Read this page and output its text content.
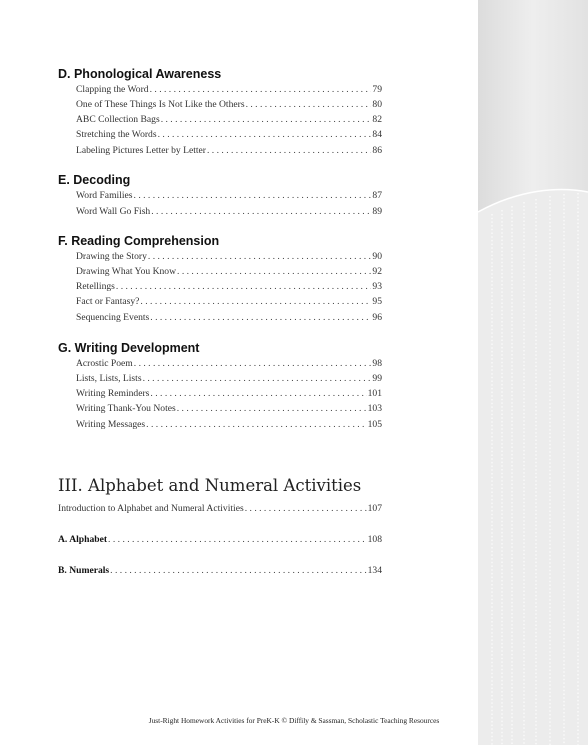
D. Phonological Awareness
Clapping the Word . . .	79
One of These Things Is Not Like the Others . . .	80
ABC Collection Bags . . .	82
Stretching the Words . . .	84
Labeling Pictures Letter by Letter . . .	86
E. Decoding
Word Families . . .	87
Word Wall Go Fish . . .	89
F. Reading Comprehension
Drawing the Story . . .	90
Drawing What You Know . . .	92
Retellings . . .	93
Fact or Fantasy? . . .	95
Sequencing Events . . .	96
G. Writing Development
Acrostic Poem . . .	98
Lists, Lists, Lists . . .	99
Writing Reminders . . .	101
Writing Thank-You Notes . . .	103
Writing Messages . . .	105
III. Alphabet and Numeral Activities
Introduction to Alphabet and Numeral Activities . . .	107
A. Alphabet . . .	108
B. Numerals . . .	134
Just-Right Homework Activities for PreK-K © Diffily & Sassman, Scholastic Teaching Resources
